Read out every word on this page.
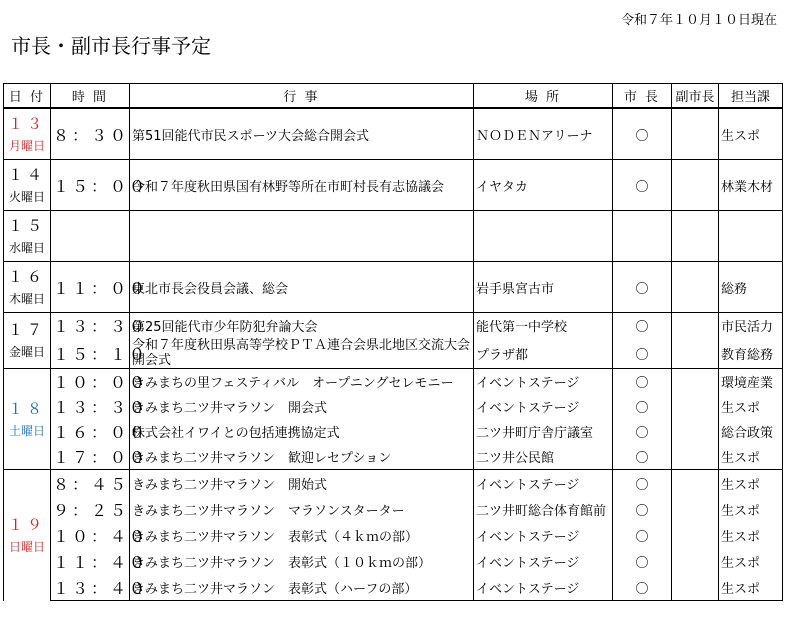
令和７年１０月１０日現在
市長・副市長行事予定
日 付	時 間	行 事	場 所	市 長	副市長	担当課

１３
月曜日	８：３０	第51回能代市民スポーツ大会総合開会式	ＮＯＤＥＮアリーナ	〇		生スポ

１４
火曜日	１５：００	令和７年度秋田県国有林野等所在市町村長有志協議会	イヤタカ	〇		林業木材

１５
水曜日						

１６
木曜日	１１：００	東北市長会役員会議、総会	岩手県宮古市	〇		総務

１７
金曜日	１３：３０	第25回能代市少年防犯弁論大会	能代第一中学校	〇		市民活力
	１５：１０	令和７年度秋田県高等学校ＰＴＡ連合会県北地区交流大会開会式	プラザ都	〇		教育総務

１８
土曜日	１０：００	きみまちの里フェスティバル　オープニングセレモニー	イベントステージ	〇		環境産業
	１３：３０	きみまち二ツ井マラソン　開会式	イベントステージ	〇		生スポ
	１６：００	株式会社イワイとの包括連携協定式	二ツ井町庁舎庁議室	〇		総合政策
	１７：００	きみまち二ツ井マラソン　歓迎レセプション	二ツ井公民館	〇		生スポ

１９
日曜日	８：４５	きみまち二ツ井マラソン　開始式	イベントステージ	〇		生スポ
	９：２５	きみまち二ツ井マラソン　マラソンスターター	二ツ井町総合体育館前	〇		生スポ
	１０：４０	きみまち二ツ井マラソン　表彰式（４ｋｍの部）	イベントステージ	〇		生スポ
	１１：４０	きみまち二ツ井マラソン　表彰式（１０ｋｍの部）	イベントステージ	〇		生スポ
	１３：４０	きみまち二ツ井マラソン　表彰式（ハーフの部）	イベントステージ	〇		生スポ
